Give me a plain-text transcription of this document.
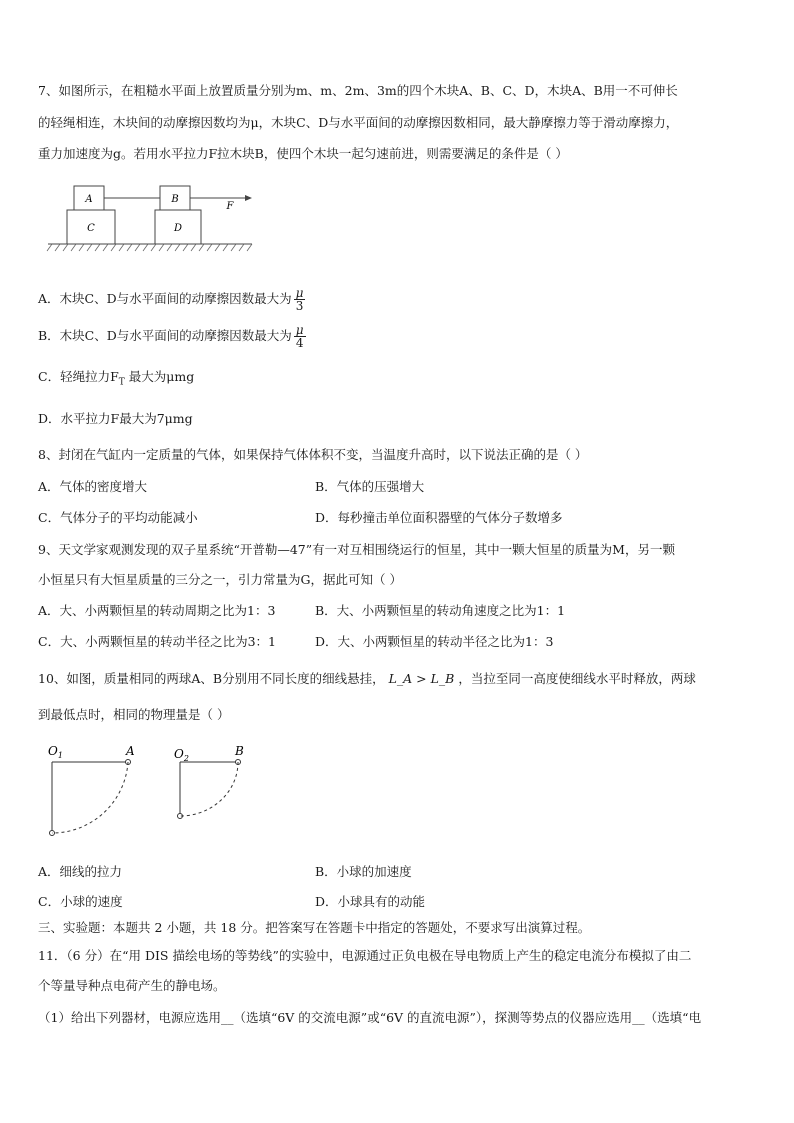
7、如图所示，在粗糙水平面上放置质量分别为m、m、2m、3m的四个木块A、B、C、D，木块A、B用一不可伸长
的轻绳相连，木块间的动摩擦因数均为μ，木块C、D与水平面间的动摩擦因数相同，最大静摩擦力等于滑动摩擦力，
重力加速度为g。若用水平拉力F拉木块B，使四个木块一起匀速前进，则需要满足的条件是（ ）
A
C
B
D
F
A．木块C、D与水平面间的动摩擦因数最大为 $\frac{\mu}{3}$
B．木块C、D与水平面间的动摩擦因数最大为 $\frac{\mu}{4}$
C．轻绳拉力$F_T$ 最大为μmg
D．水平拉力F最大为7μmg
8、封闭在气缸内一定质量的气体，如果保持气体体积不变，当温度升高时，以下说法正确的是（ ）
A．气体的密度增大	B．气体的压强增大
C．气体分子的平均动能减小	D．每秒撞击单位面积器壁的气体分子数增多
9、天文学家观测发现的双子星系统“开普勒—47”有一对互相围绕运行的恒星，其中一颗大恒星的质量为M，另一颗
小恒星只有大恒星质量的三分之一，引力常量为G，据此可知（ ）
A．大、小两颗恒星的转动周期之比为1：3	B．大、小两颗恒星的转动角速度之比为1：1
C．大、小两颗恒星的转动半径之比为3：1	D．大、小两颗恒星的转动半径之比为1：3
10、如图，质量相同的两球A、B分别用不同长度的细线悬挂， L_A > L_B ，当拉至同一高度使细线水平时释放，两球
到最低点时，相同的物理量是（ ）
$O_1$	A	$O_2$
B
A．细线的拉力	B．小球的加速度
C．小球的速度	D．小球具有的动能
三、实验题：本题共 2 小题，共 18 分。把答案写在答题卡中指定的答题处，不要求写出演算过程。
11．（6 分）在“用 DIS 描绘电场的等势线”的实验中，电源通过正负电极在导电物质上产生的稳定电流分布模拟了由二
个等量导种点电荷产生的静电场。
（1）给出下列器材，电源应选用__（选填“6V 的交流电源”或“6V 的直流电源”），探测等势点的仪器应选用__（选填“电
